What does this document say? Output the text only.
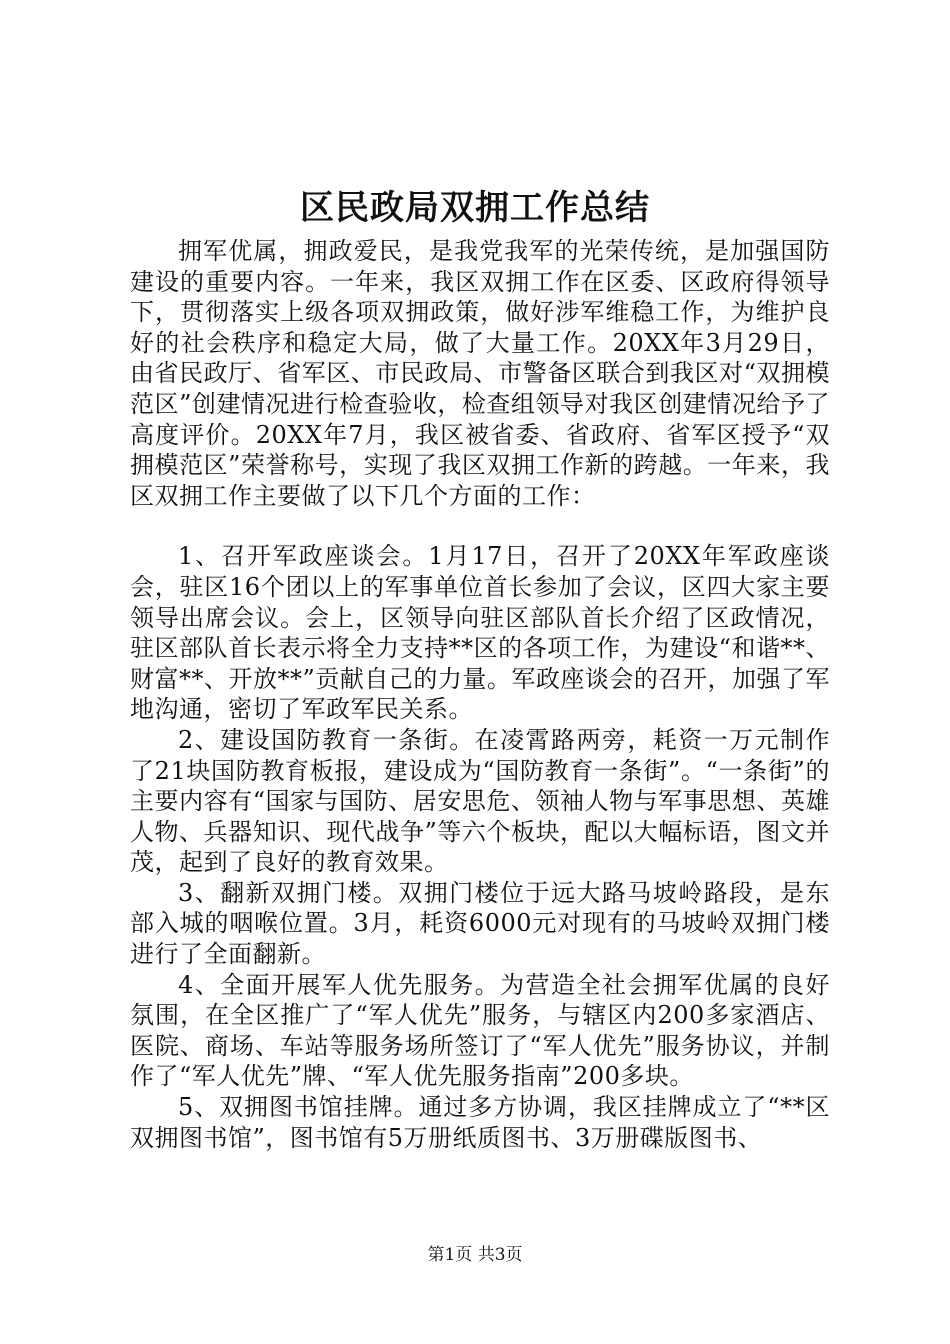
区民政局双拥工作总结

拥军优属，拥政爱民，是我党我军的光荣传统，是加强国防建设的重要内容。一年来，我区双拥工作在区委、区政府得领导下，贯彻落实上级各项双拥政策，做好涉军维稳工作，为维护良好的社会秩序和稳定大局，做了大量工作。20XX年3月29日，由省民政厅、省军区、市民政局、市警备区联合到我区对“双拥模范区”创建情况进行检查验收，检查组领导对我区创建情况给予了高度评价。20XX年7月，我区被省委、省政府、省军区授予“双拥模范区”荣誉称号，实现了我区双拥工作新的跨越。一年来，我区双拥工作主要做了以下几个方面的工作：

1、召开军政座谈会。1月17日，召开了20XX年军政座谈会，驻区16个团以上的军事单位首长参加了会议，区四大家主要领导出席会议。会上，区领导向驻区部队首长介绍了区政情况，驻区部队首长表示将全力支持**区的各项工作，为建设“和谐**、财富**、开放**”贡献自己的力量。军政座谈会的召开，加强了军地沟通，密切了军政军民关系。

2、建设国防教育一条街。在凌霄路两旁，耗资一万元制作了21块国防教育板报，建设成为“国防教育一条街”。“一条街”的主要内容有“国家与国防、居安思危、领袖人物与军事思想、英雄人物、兵器知识、现代战争”等六个板块，配以大幅标语，图文并茂，起到了良好的教育效果。

3、翻新双拥门楼。双拥门楼位于远大路马坡岭路段，是东部入城的咽喉位置。3月，耗资6000元对现有的马坡岭双拥门楼进行了全面翻新。

4、全面开展军人优先服务。为营造全社会拥军优属的良好氛围，在全区推广了“军人优先”服务，与辖区内200多家酒店、医院、商场、车站等服务场所签订了“军人优先”服务协议，并制作了“军人优先”牌、“军人优先服务指南”200多块。

5、双拥图书馆挂牌。通过多方协调，我区挂牌成立了“**区双拥图书馆”，图书馆有5万册纸质图书、3万册碟版图书、

第1页 共3页
